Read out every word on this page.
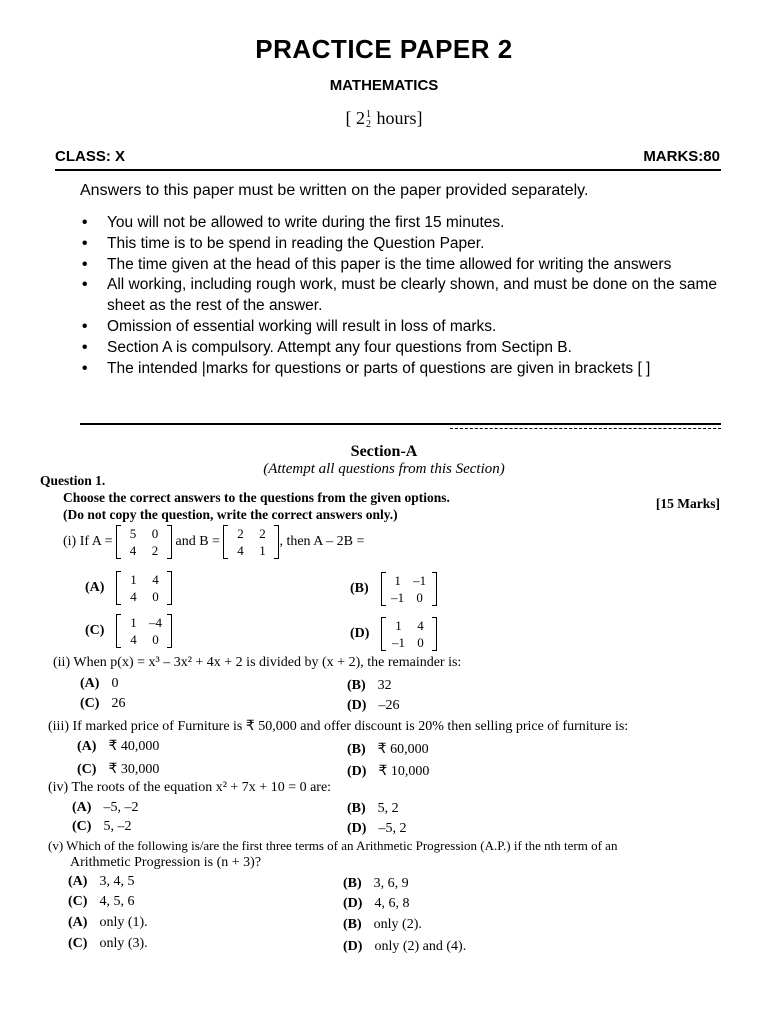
PRACTICE PAPER 2
MATHEMATICS
[ 2 1
2 hours]
CLASS: X	MARKS:80
Answers to this paper must be written on the paper provided separately.
• You will not be allowed to write during the first 15 minutes.
• This time is to be spend in reading the Question Paper.
• The time given at the head of this paper is the time allowed for writing the answers
• All working, including rough work, must be clearly shown, and must be done on the same sheet as the rest of the answer.
• Omission of essential working will result in loss of marks.
• Section A is compulsory. Attempt any four questions from Sectipn B.
• The intended |marks for questions or parts of questions are given in brackets [ ]
Section-A
(Attempt all questions from this Section)
Question 1.
Choose the correct answers to the questions from the given options.
(Do not copy the question, write the correct answers only.)
[15 Marks]
(i) If A =
5	0
4	2
and B =
2	2
4	1
, then A – 2B =
(A)
1	4
4	0
(B)
1	–1
–1	0
(C)
1	–4
4	0	(D)
1	4
–1	0
(ii) When p(x) = x³ – 3x² + 4x + 2 is divided by (x + 2), the remainder is:
(A) 0	(B) 32
(C) 26	(D) –26
(iii) If marked price of Furniture is ₹ 50,000 and offer discount is 20% then selling price of furniture is:
(A) ₹ 40,000	(B) ₹ 60,000
(C) ₹ 30,000	(D) ₹ 10,000
(iv) The roots of the equation x² + 7x + 10 = 0 are:
(A) –5, –2	(B) 5, 2
(C) 5, –2	(D) –5, 2
(v) Which of the following is/are the first three terms of an Arithmetic Progression (A.P.) if the nth term of an
Arithmetic Progression is (n + 3)?
(A) 3, 4, 5	(B) 3, 6, 9
(C) 4, 5, 6	(D) 4, 6, 8
(A) only (1).	(B) only (2).
(C) only (3).	(D) only (2) and (4).
